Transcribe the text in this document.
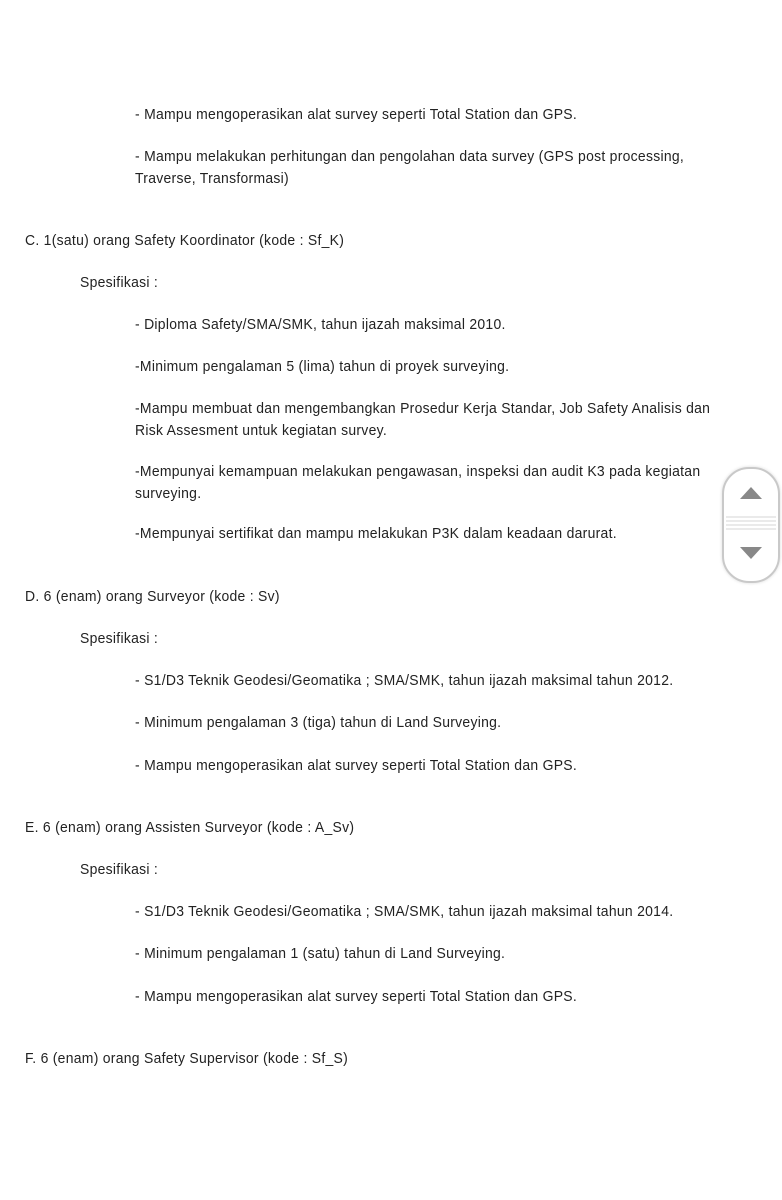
- Mampu mengoperasikan alat survey seperti Total Station dan GPS.
- Mampu melakukan perhitungan dan pengolahan data survey (GPS post processing, Traverse, Transformasi)
C. 1(satu) orang Safety Koordinator (kode : Sf_K)
Spesifikasi :
- Diploma Safety/SMA/SMK, tahun ijazah maksimal 2010.
-Minimum pengalaman 5 (lima) tahun di proyek surveying.
-Mampu membuat dan mengembangkan Prosedur Kerja Standar, Job Safety Analisis dan Risk Assesment untuk kegiatan survey.
-Mempunyai kemampuan melakukan pengawasan, inspeksi dan audit K3 pada kegiatan surveying.
-Mempunyai sertifikat dan mampu melakukan P3K dalam keadaan darurat.
D. 6 (enam) orang Surveyor (kode : Sv)
Spesifikasi :
- S1/D3 Teknik Geodesi/Geomatika ; SMA/SMK, tahun ijazah maksimal tahun 2012.
- Minimum pengalaman 3 (tiga) tahun di Land Surveying.
- Mampu mengoperasikan alat survey seperti Total Station dan GPS.
E. 6 (enam) orang Assisten Surveyor (kode : A_Sv)
Spesifikasi :
- S1/D3 Teknik Geodesi/Geomatika ; SMA/SMK, tahun ijazah maksimal tahun 2014.
- Minimum pengalaman 1 (satu) tahun di Land Surveying.
- Mampu mengoperasikan alat survey seperti Total Station dan GPS.
F. 6 (enam) orang Safety Supervisor (kode : Sf_S)
